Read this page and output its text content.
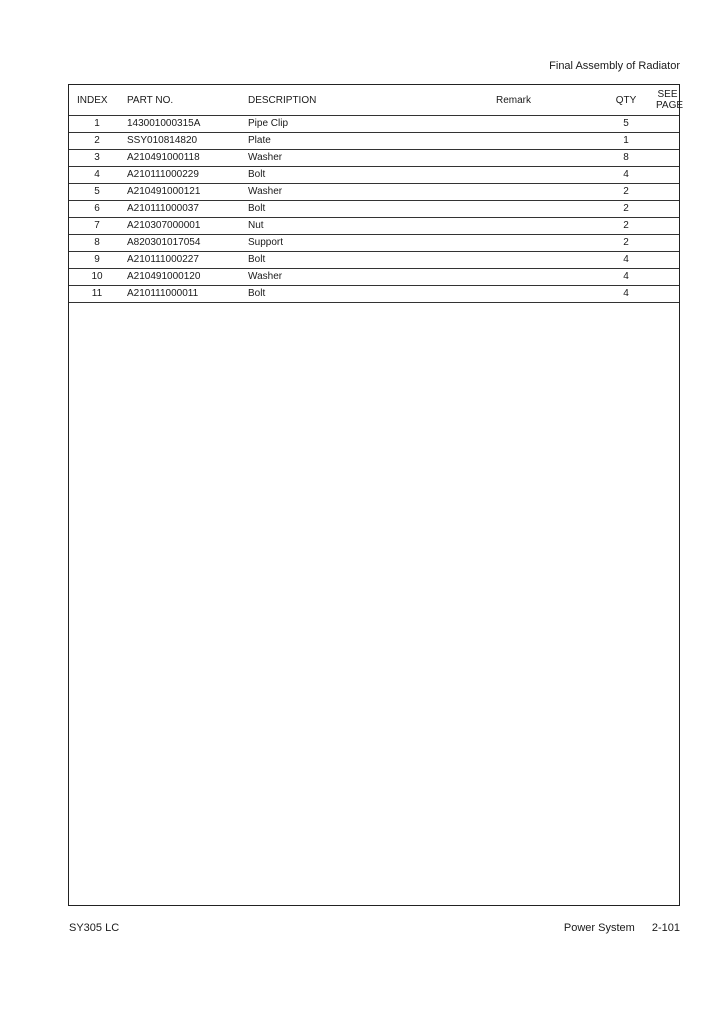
Final Assembly of Radiator
INDEX	PART NO.	DESCRIPTION	Remark	QTY	SEE
PAGE

1	143001000315A	Pipe Clip		5	
2	SSY010814820	Plate		1	
3	A210491000118	Washer		8	
4	A210111000229	Bolt		4	
5	A210491000121	Washer		2	
6	A210111000037	Bolt		2	
7	A210307000001	Nut		2	
8	A820301017054	Support		2	
9	A210111000227	Bolt		4	
10	A210491000120	Washer		4	
11	A210111000011	Bolt		4	
SY305 LC	Power System 2-101
